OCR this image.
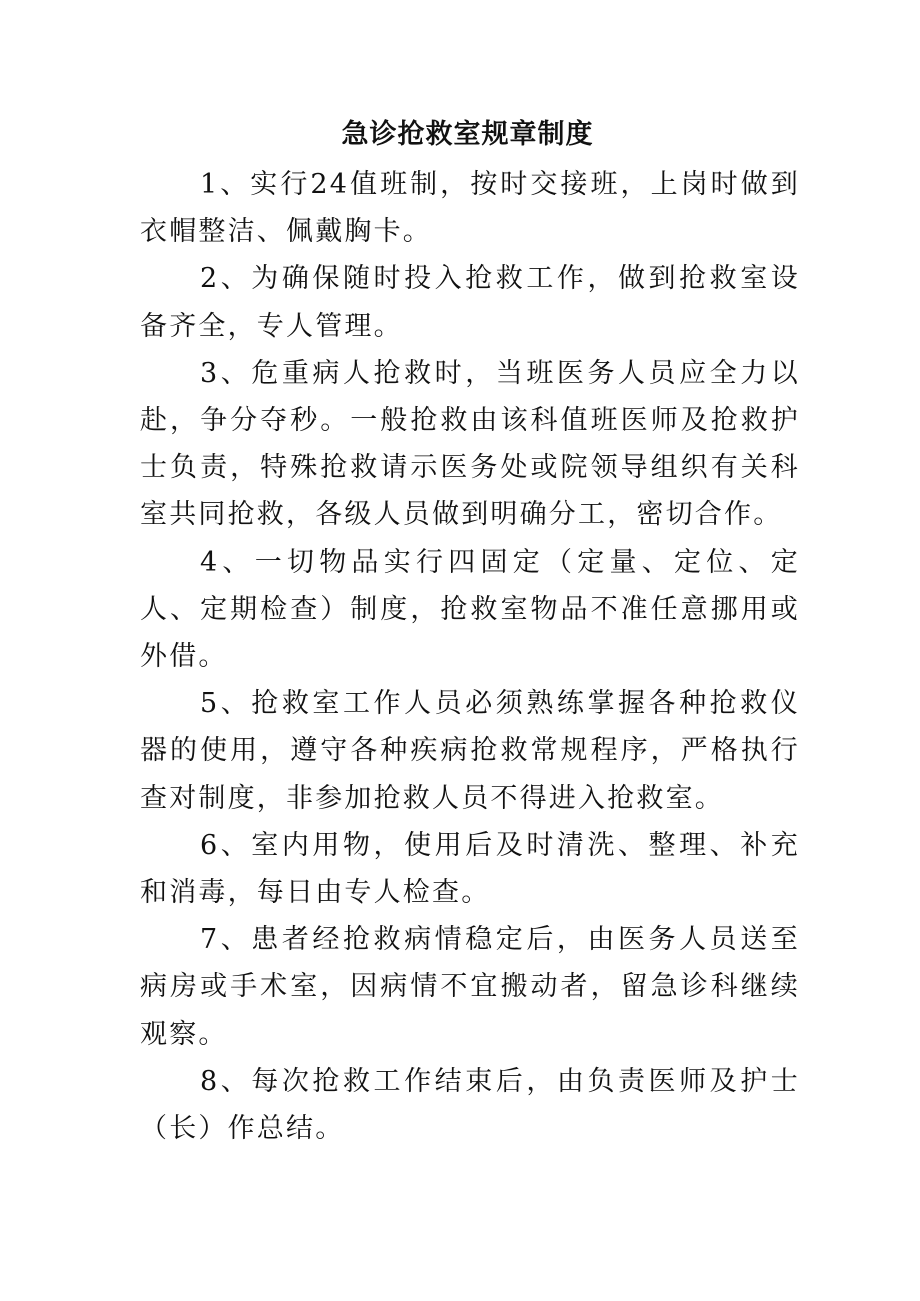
急诊抢救室规章制度

1、实行24值班制，按时交接班，上岗时做到衣帽整洁、佩戴胸卡。

2、为确保随时投入抢救工作，做到抢救室设备齐全，专人管理。

3、危重病人抢救时，当班医务人员应全力以赴，争分夺秒。一般抢救由该科值班医师及抢救护士负责，特殊抢救请示医务处或院领导组织有关科室共同抢救，各级人员做到明确分工，密切合作。

4、一切物品实行四固定（定量、定位、定人、定期检查）制度，抢救室物品不准任意挪用或外借。

5、抢救室工作人员必须熟练掌握各种抢救仪器的使用，遵守各种疾病抢救常规程序，严格执行查对制度，非参加抢救人员不得进入抢救室。

6、室内用物，使用后及时清洗、整理、补充和消毒，每日由专人检查。

7、患者经抢救病情稳定后，由医务人员送至病房或手术室，因病情不宜搬动者，留急诊科继续观察。

8、每次抢救工作结束后，由负责医师及护士（长）作总结。
